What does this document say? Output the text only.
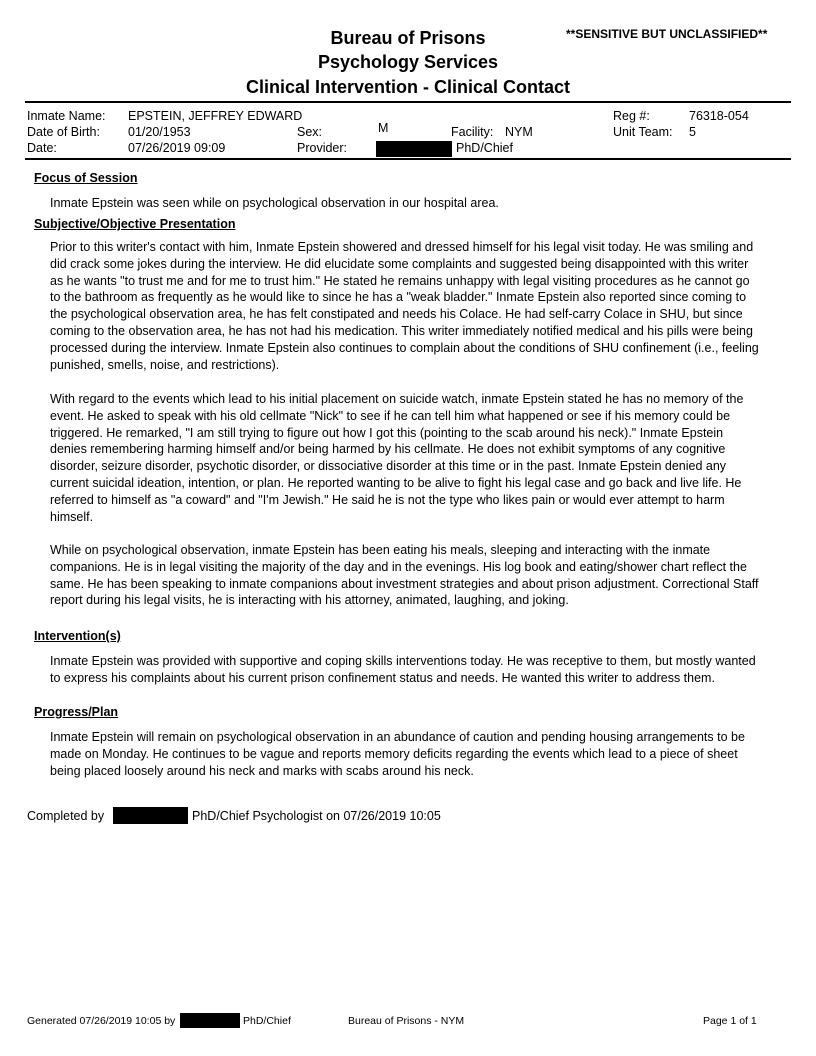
Bureau of Prisons
Psychology Services
Clinical Intervention - Clinical Contact
**SENSITIVE BUT UNCLASSIFIED**
Inmate Name: EPSTEIN, JEFFREY EDWARD
Date of Birth: 01/20/1953
Date:	07/26/2019 09:09
Sex:	M
Provider:	PhD/Chief
Facility: NYM
Reg #:	76318-054
Unit Team: 5
Focus of Session
Inmate Epstein was seen while on psychological observation in our hospital area.
Subjective/Objective Presentation
Prior to this writer's contact with him, Inmate Epstein showered and dressed himself for his legal visit today. He was smiling and did crack some jokes during the interview. He did elucidate some complaints and suggested being disappointed with this writer as he wants "to trust me and for me to trust him." He stated he remains unhappy with legal visiting procedures as he cannot go to the bathroom as frequently as he would like to since he has a "weak bladder." Inmate Epstein also reported since coming to the psychological observation area, he has felt constipated and needs his Colace. He had self-carry Colace in SHU, but since coming to the observation area, he has not had his medication. This writer immediately notified medical and his pills were being processed during the interview. Inmate Epstein also continues to complain about the conditions of SHU confinement (i.e., feeling punished, smells, noise, and restrictions).
With regard to the events which lead to his initial placement on suicide watch, inmate Epstein stated he has no memory of the event. He asked to speak with his old cellmate "Nick" to see if he can tell him what happened or see if his memory could be triggered. He remarked, "I am still trying to figure out how I got this (pointing to the scab around his neck)." Inmate Epstein denies remembering harming himself and/or being harmed by his cellmate. He does not exhibit symptoms of any cognitive disorder, seizure disorder, psychotic disorder, or dissociative disorder at this time or in the past. Inmate Epstein denied any current suicidal ideation, intention, or plan. He reported wanting to be alive to fight his legal case and go back and live life. He referred to himself as "a coward" and "I'm Jewish." He said he is not the type who likes pain or would ever attempt to harm himself.
While on psychological observation, inmate Epstein has been eating his meals, sleeping and interacting with the inmate companions. He is in legal visiting the majority of the day and in the evenings. His log book and eating/shower chart reflect the same. He has been speaking to inmate companions about investment strategies and about prison adjustment. Correctional Staff report during his legal visits, he is interacting with his attorney, animated, laughing, and joking.
Intervention(s)
Inmate Epstein was provided with supportive and coping skills interventions today. He was receptive to them, but mostly wanted to express his complaints about his current prison confinement status and needs. He wanted this writer to address them.
Progress/Plan
Inmate Epstein will remain on psychological observation in an abundance of caution and pending housing arrangements to be made on Monday. He continues to be vague and reports memory deficits regarding the events which lead to a piece of sheet being placed loosely around his neck and marks with scabs around his neck.
Completed by	PhD/Chief Psychologist on 07/26/2019 10:05
Generated 07/26/2019 10:05 by	PhD/Chief	Bureau of Prisons - NYM	Page 1 of 1
